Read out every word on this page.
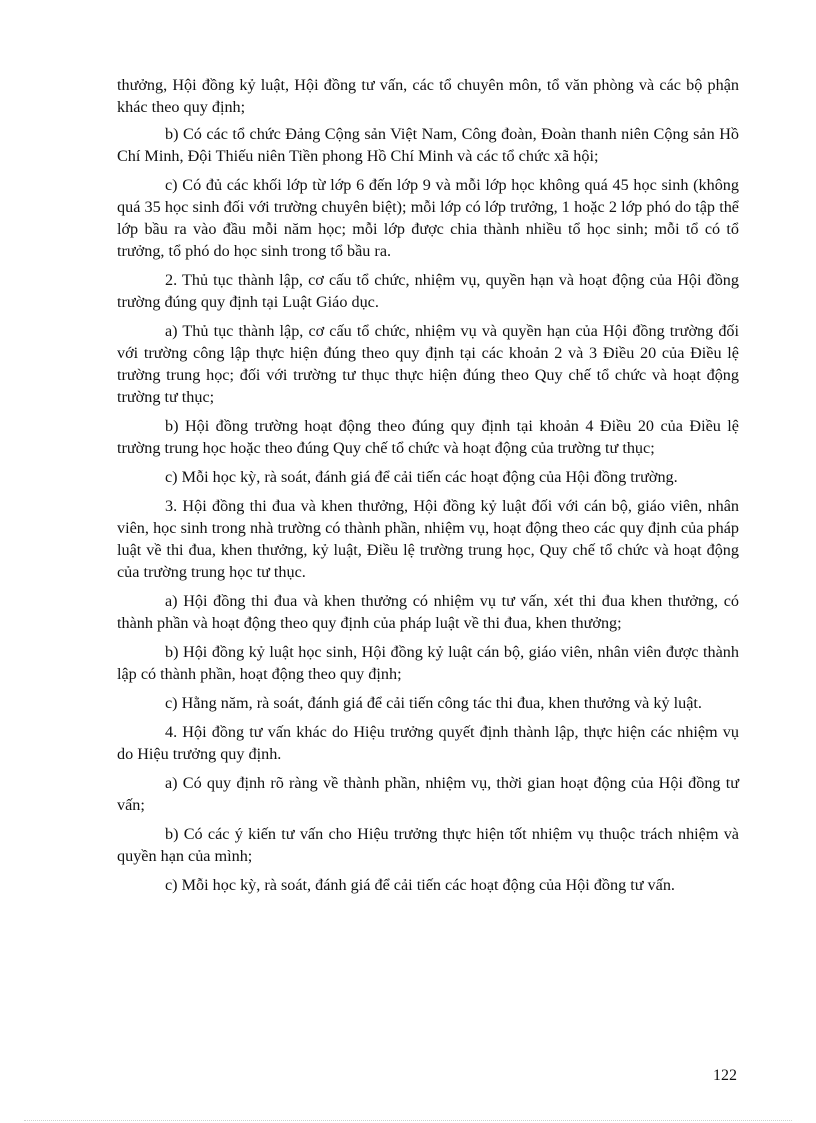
thưởng, Hội đồng kỷ luật, Hội đồng tư vấn, các tổ chuyên môn, tổ văn phòng và các bộ phận khác theo quy định;

b) Có các tổ chức Đảng Cộng sản Việt Nam, Công đoàn, Đoàn thanh niên Cộng sản Hồ Chí Minh, Đội Thiếu niên Tiền phong Hồ Chí Minh và các tổ chức xã hội;

c) Có đủ các khối lớp từ lớp 6 đến lớp 9 và mỗi lớp học không quá 45 học sinh (không quá 35 học sinh đối với trường chuyên biệt); mỗi lớp có lớp trưởng, 1 hoặc 2 lớp phó do tập thể lớp bầu ra vào đầu mỗi năm học; mỗi lớp được chia thành nhiều tổ học sinh; mỗi tổ có tổ trưởng, tổ phó do học sinh trong tổ bầu ra.

2. Thủ tục thành lập, cơ cấu tổ chức, nhiệm vụ, quyền hạn và hoạt động của Hội đồng trường đúng quy định tại Luật Giáo dục.

a) Thủ tục thành lập, cơ cấu tổ chức, nhiệm vụ và quyền hạn của Hội đồng trường đối với trường công lập thực hiện đúng theo quy định tại các khoản 2 và 3 Điều 20 của Điều lệ trường trung học; đối với trường tư thục thực hiện đúng theo Quy chế tổ chức và hoạt động trường tư thục;

b) Hội đồng trường hoạt động theo đúng quy định tại khoản 4 Điều 20 của Điều lệ trường trung học hoặc theo đúng Quy chế tổ chức và hoạt động của trường tư thục;

c) Mỗi học kỳ, rà soát, đánh giá để cải tiến các hoạt động của Hội đồng trường.

3. Hội đồng thi đua và khen thưởng, Hội đồng kỷ luật đối với cán bộ, giáo viên, nhân viên, học sinh trong nhà trường có thành phần, nhiệm vụ, hoạt động theo các quy định của pháp luật về thi đua, khen thưởng, kỷ luật, Điều lệ trường trung học, Quy chế tổ chức và hoạt động của trường trung học tư thục.

a) Hội đồng thi đua và khen thưởng có nhiệm vụ tư vấn, xét thi đua khen thưởng, có thành phần và hoạt động theo quy định của pháp luật về thi đua, khen thưởng;

b) Hội đồng kỷ luật học sinh, Hội đồng kỷ luật cán bộ, giáo viên, nhân viên được thành lập có thành phần, hoạt động theo quy định;

c) Hằng năm, rà soát, đánh giá để cải tiến công tác thi đua, khen thưởng và kỷ luật.

4. Hội đồng tư vấn khác do Hiệu trưởng quyết định thành lập, thực hiện các nhiệm vụ do Hiệu trưởng quy định.

a) Có quy định rõ ràng về thành phần, nhiệm vụ, thời gian hoạt động của Hội đồng tư vấn;

b) Có các ý kiến tư vấn cho Hiệu trưởng thực hiện tốt nhiệm vụ thuộc trách nhiệm và quyền hạn của mình;

c) Mỗi học kỳ, rà soát, đánh giá để cải tiến các hoạt động của Hội đồng tư vấn.

122
